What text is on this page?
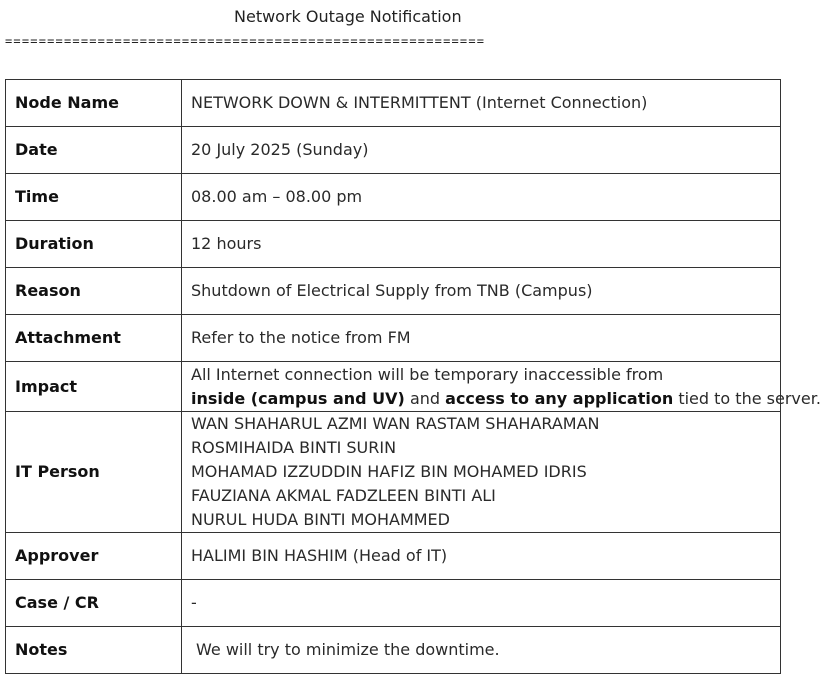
Network Outage Notification
=========================================================
Node Name	NETWORK DOWN & INTERMITTENT (Internet Connection)
Date	20 July 2025 (Sunday)
Time	08.00 am – 08.00 pm
Duration	12 hours
Reason	Shutdown of Electrical Supply from TNB (Campus)
Attachment	Refer to the notice from FM
Impact	All Internet connection will be temporary inaccessible from
inside (campus and UV) and access to any application tied to the server.

IT Person	WAN SHAHARUL AZMI WAN RASTAM SHAHARAMAN
ROSMIHAIDA BINTI SURIN
MOHAMAD IZZUDDIN HAFIZ BIN MOHAMED IDRIS
FAUZIANA AKMAL FADZLEEN BINTI ALI
NURUL HUDA BINTI MOHAMMED

Approver	HALIMI BIN HASHIM (Head of IT)
Case / CR	-
Notes	We will try to minimize the downtime.
